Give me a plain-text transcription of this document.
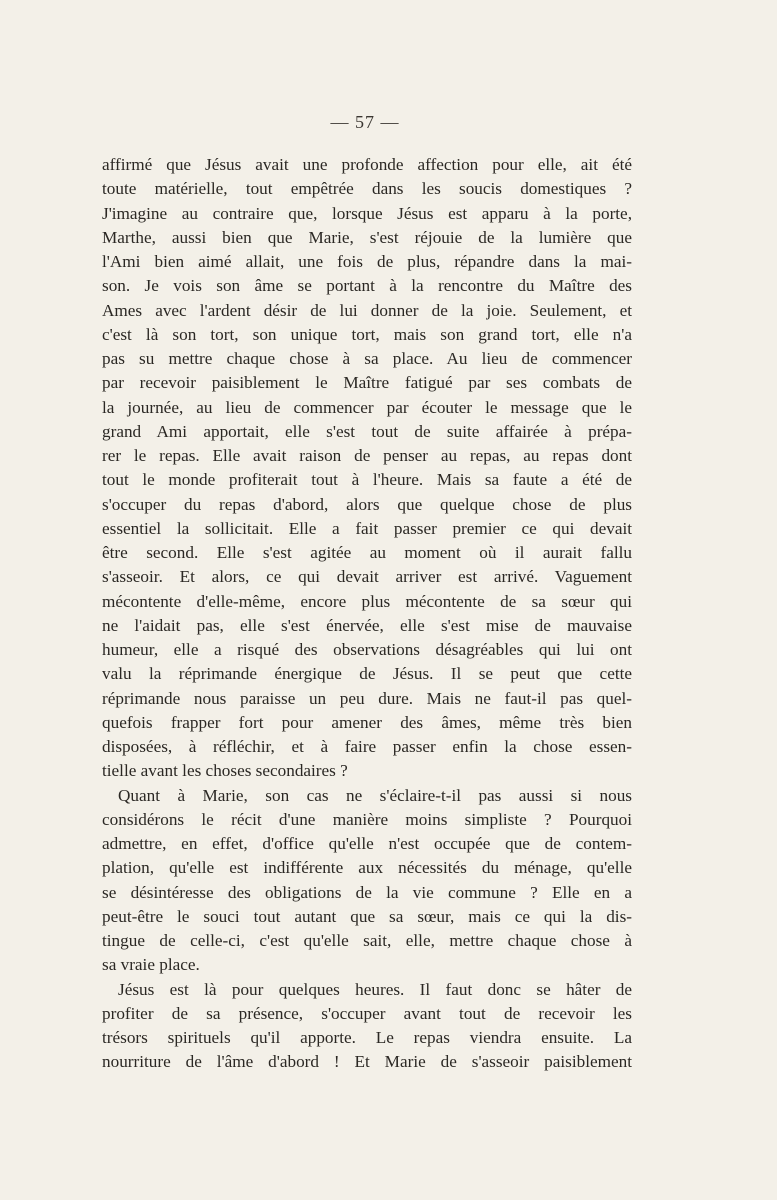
— 57 —
affirmé que Jésus avait une profonde affection pour elle, ait été
toute matérielle, tout empêtrée dans les soucis domestiques ?
J'imagine au contraire que, lorsque Jésus est apparu à la porte,
Marthe, aussi bien que Marie, s'est réjouie de la lumière que
l'Ami bien aimé allait, une fois de plus, répandre dans la mai-
son. Je vois son âme se portant à la rencontre du Maître des
Ames avec l'ardent désir de lui donner de la joie. Seulement, et
c'est là son tort, son unique tort, mais son grand tort, elle n'a
pas su mettre chaque chose à sa place. Au lieu de commencer
par recevoir paisiblement le Maître fatigué par ses combats de
la journée, au lieu de commencer par écouter le message que le
grand Ami apportait, elle s'est tout de suite affairée à prépa-
rer le repas. Elle avait raison de penser au repas, au repas dont
tout le monde profiterait tout à l'heure. Mais sa faute a été de
s'occuper du repas d'abord, alors que quelque chose de plus
essentiel la sollicitait. Elle a fait passer premier ce qui devait
être second. Elle s'est agitée au moment où il aurait fallu
s'asseoir. Et alors, ce qui devait arriver est arrivé. Vaguement
mécontente d'elle-même, encore plus mécontente de sa sœur qui
ne l'aidait pas, elle s'est énervée, elle s'est mise de mauvaise
humeur, elle a risqué des observations désagréables qui lui ont
valu la réprimande énergique de Jésus. Il se peut que cette
réprimande nous paraisse un peu dure. Mais ne faut-il pas quel-
quefois frapper fort pour amener des âmes, même très bien
disposées, à réfléchir, et à faire passer enfin la chose essen-
tielle avant les choses secondaires ?
Quant à Marie, son cas ne s'éclaire-t-il pas aussi si nous
considérons le récit d'une manière moins simpliste ? Pourquoi
admettre, en effet, d'office qu'elle n'est occupée que de contem-
plation, qu'elle est indifférente aux nécessités du ménage, qu'elle
se désintéresse des obligations de la vie commune ? Elle en a
peut-être le souci tout autant que sa sœur, mais ce qui la dis-
tingue de celle-ci, c'est qu'elle sait, elle, mettre chaque chose à
sa vraie place.
Jésus est là pour quelques heures. Il faut donc se hâter de
profiter de sa présence, s'occuper avant tout de recevoir les
trésors spirituels qu'il apporte. Le repas viendra ensuite. La
nourriture de l'âme d'abord ! Et Marie de s'asseoir paisiblement
